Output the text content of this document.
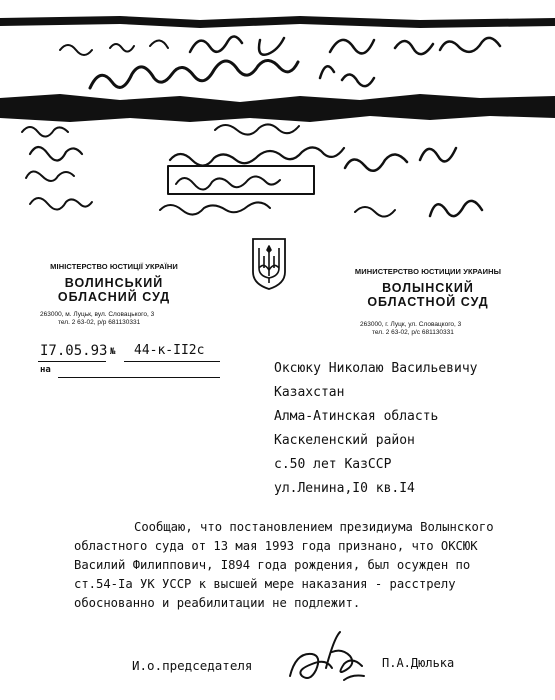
МІНІСТЕРСТВО ЮСТИЦІЇ УКРАЇНИ
ВОЛИНСЬКИЙ
ОБЛАСНИЙ СУД
263000, м. Луцьк, вул. Словацького, 3
тел. 2 63-02, р/р 681130331
МИНИСТЕРСТВО ЮСТИЦИИ УКРАИНЫ
ВОЛЫНСКИЙ
ОБЛАСТНОЙ СУД
263000, г. Луцк, ул. Словацкого, 3
тел. 2 63-02, р/с 681130331
I7.05.93 № 44-к-II2с
на	Оксюку Николаю Васильевичу
Казахстан
Алма-Атинская область
Каскеленский район
с.50 лет КазССР
ул.Ленина,I0 кв.I4
Сообщаю, что постановлением президиума Волынского
областного суда от 13 мая 1993 года признано, что ОКСЮК
Василий Филиппович, I894 года рождения, был осужден по
ст.54-Iа УК УССР к высшей мере наказания - расстрелу
обоснованно и реабилитации не подлежит.
И.о.председателя	П.А.Дюлька
